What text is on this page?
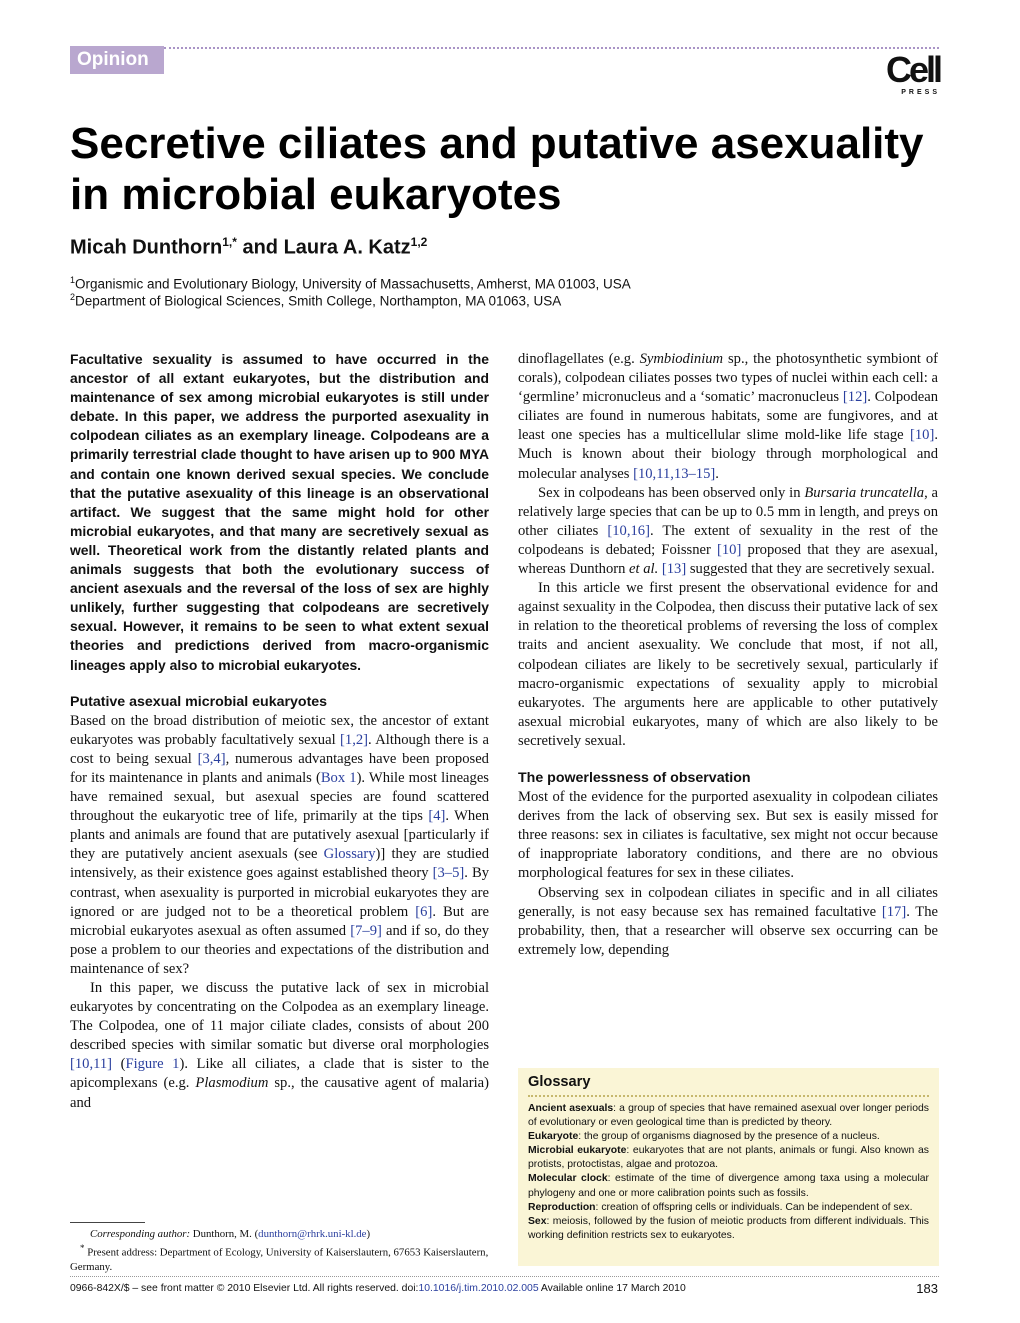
Opinion	Cell
PRESS
Secretive ciliates and putative asexuality in microbial eukaryotes
Micah Dunthorn$^{1,*}$ and Laura A. Katz$^{1,2}$
$^1$Organismic and Evolutionary Biology, University of Massachusetts, Amherst, MA 01003, USA
$^2$Department of Biological Sciences, Smith College, Northampton, MA 01063, USA

Facultative sexuality is assumed to have occurred in the ancestor of all extant eukaryotes, but the distribution and maintenance of sex among microbial eukaryotes is still under debate. In this paper, we address the purported asexuality in colpodean ciliates as an exemplary lineage. Colpodeans are a primarily terrestrial clade thought to have arisen up to 900 MYA and contain one known derived sexual species. We conclude that the putative asexuality of this lineage is an observational artifact. We suggest that the same might hold for other microbial eukaryotes, and that many are secretively sexual as well. Theoretical work from the distantly related plants and animals suggests that both the evolutionary success of ancient asexuals and the reversal of the loss of sex are highly unlikely, further suggesting that colpodeans are secretively sexual. However, it remains to be seen to what extent sexual theories and predictions derived from macro-organismic lineages apply also to microbial eukaryotes.

Putative asexual microbial eukaryotes

Based on the broad distribution of meiotic sex, the ancestor of extant eukaryotes was probably facultatively sexual [1,2]. Although there is a cost to being sexual [3,4], numerous advantages have been proposed for its maintenance in plants and animals (Box 1). While most lineages have remained sexual, but asexual species are found scattered throughout the eukaryotic tree of life, primarily at the tips [4]. When plants and animals are found that are putatively asexual [particularly if they are putatively ancient asexuals (see Glossary)] they are studied intensively, as their existence goes against established theory [3–5]. By contrast, when asexuality is purported in microbial eukaryotes they are ignored or are judged not to be a theoretical problem [6]. But are microbial eukaryotes asexual as often assumed [7–9] and if so, do they pose a problem to our theories and expectations of the distribution and maintenance of sex?

In this paper, we discuss the putative lack of sex in microbial eukaryotes by concentrating on the Colpodea as an exemplary lineage. The Colpodea, one of 11 major ciliate clades, consists of about 200 described species with similar somatic but diverse oral morphologies [10,11] (Figure 1). Like all ciliates, a clade that is sister to the apicomplexans (e.g. Plasmodium sp., the causative agent of malaria) and

dinoflagellates (e.g. Symbiodinium sp., the photosynthetic symbiont of corals), colpodean ciliates posses two types of nuclei within each cell: a ‘germline’ micronucleus and a ‘somatic’ macronucleus [12]. Colpodean ciliates are found in numerous habitats, some are fungivores, and at least one species has a multicellular slime mold-like life stage [10]. Much is known about their biology through morphological and molecular analyses [10,11,13–15].

Sex in colpodeans has been observed only in Bursaria truncatella, a relatively large species that can be up to 0.5 mm in length, and preys on other ciliates [10,16]. The extent of sexuality in the rest of the colpodeans is debated; Foissner [10] proposed that they are asexual, whereas Dunthorn et al. [13] suggested that they are secretively sexual.

In this article we first present the observational evidence for and against sexuality in the Colpodea, then discuss their putative lack of sex in relation to the theoretical problems of reversing the loss of complex traits and ancient asexuality. We conclude that most, if not all, colpodean ciliates are likely to be secretively sexual, particularly if macro-organismic expectations of sexuality apply to microbial eukaryotes. The arguments here are applicable to other putatively asexual microbial eukaryotes, many of which are also likely to be secretively sexual.

The powerlessness of observation

Most of the evidence for the purported asexuality in colpodean ciliates derives from the lack of observing sex. But sex is easily missed for three reasons: sex in ciliates is facultative, sex might not occur because of inappropriate laboratory conditions, and there are no obvious morphological features for sex in these ciliates.

Observing sex in colpodean ciliates in specific and in all ciliates generally, is not easy because sex has remained facultative [17]. The probability, then, that a researcher will observe sex occurring can be extremely low, depending

Glossary
Ancient asexuals: a group of species that have remained asexual over longer periods of evolutionary or even geological time than is predicted by theory.
Eukaryote: the group of organisms diagnosed by the presence of a nucleus.
Microbial eukaryote: eukaryotes that are not plants, animals or fungi. Also known as protists, protoctistas, algae and protozoa.
Molecular clock: estimate of the time of divergence among taxa using a molecular phylogeny and one or more calibration points such as fossils.
Reproduction: creation of offspring cells or individuals. Can be independent of sex.
Sex: meiosis, followed by the fusion of meiotic products from different individuals. This working definition restricts sex to eukaryotes.

Corresponding author: Dunthorn, M. (dunthorn@rhrk.uni-kl.de)

* Present address: Department of Ecology, University of Kaiserslautern, 67653 Kaiserslautern, Germany.

0966-842X/$ – see front matter © 2010 Elsevier Ltd. All rights reserved. doi:10.1016/j.tim.2010.02.005 Available online 17 March 2010	183
